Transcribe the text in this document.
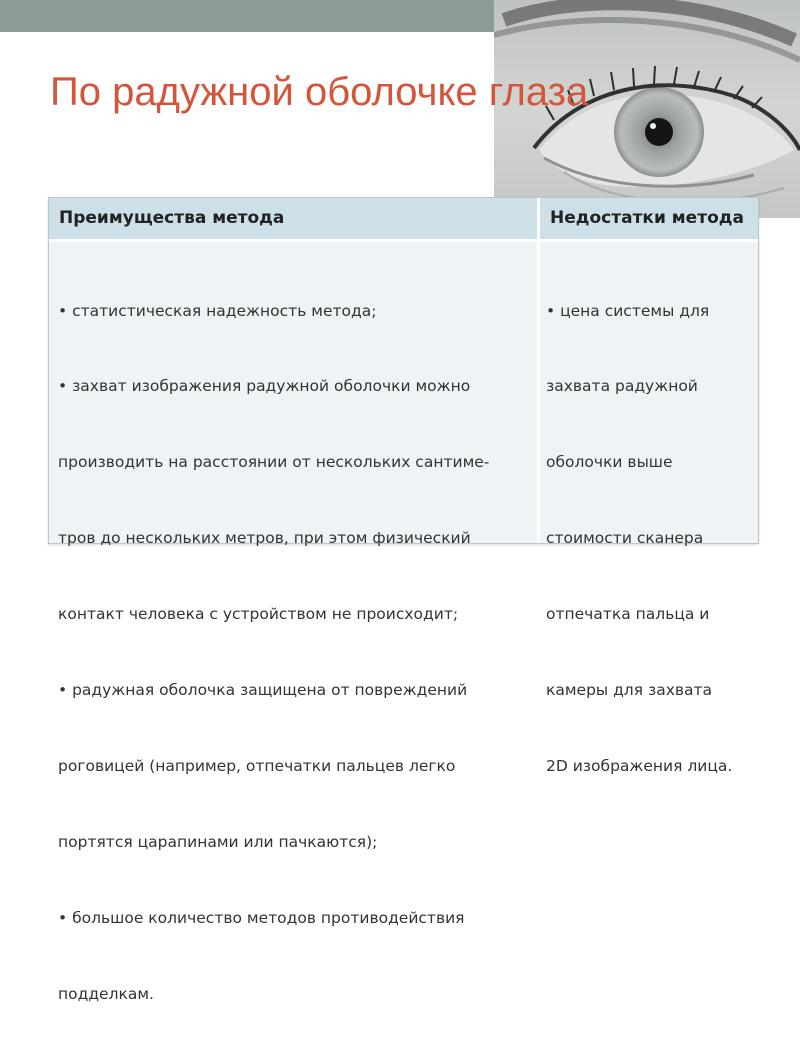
По радужной оболочке глаза
Преимущества метода	Недостатки метода

• статистическая надежность метода;

• захват изображения радужной оболочки можно

производить на расстоянии от нескольких сантиме-

тров до нескольких метров, при этом физический

контакт человека с устройством не происходит;

• радужная оболочка защищена от повреждений

роговицей (например, отпечатки пальцев легко

портятся царапинами или пачкаются);

• большое количество методов противодействия

подделкам.

• цена системы для

захвата радужной

оболочки выше

стоимости сканера

отпечатка пальца и

камеры для захвата

2D изображения лица.
